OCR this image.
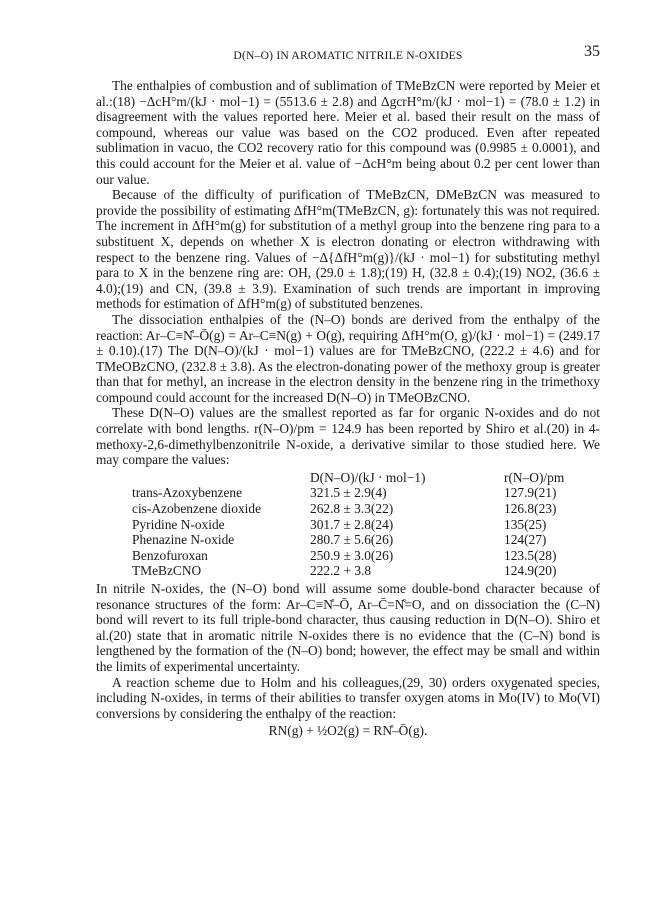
D(N–O) IN AROMATIC NITRILE N-OXIDES	35

The enthalpies of combustion and of sublimation of TMeBzCN were reported by Meier et al.:(18) −ΔcH°m/(kJ · mol−1) = (5513.6 ± 2.8) and ΔgcrH°m/(kJ · mol−1) = (78.0 ± 1.2) in disagreement with the values reported here. Meier et al. based their result on the mass of compound, whereas our value was based on the CO2 produced. Even after repeated sublimation in vacuo, the CO2 recovery ratio for this compound was (0.9985 ± 0.0001), and this could account for the Meier et al. value of −ΔcH°m being about 0.2 per cent lower than our value.

Because of the difficulty of purification of TMeBzCN, DMeBzCN was measured to provide the possibility of estimating ΔfH°m(TMeBzCN, g): fortunately this was not required. The increment in ΔfH°m(g) for substitution of a methyl group into the benzene ring para to a substituent X, depends on whether X is electron donating or electron withdrawing with respect to the benzene ring. Values of −Δ{ΔfH°m(g)}/(kJ · mol−1) for substituting methyl para to X in the benzene ring are: OH, (29.0 ± 1.8);(19) H, (32.8 ± 0.4);(19) NO2, (36.6 ± 4.0);(19) and CN, (39.8 ± 3.9). Examination of such trends are important in improving methods for estimation of ΔfH°m(g) of substituted benzenes.

The dissociation enthalpies of the (N–O) bonds are derived from the enthalpy of the reaction: Ar–C≡N̊–Ō(g) = Ar–C≡N(g) + O(g), requiring ΔfH°m(O, g)/(kJ · mol−1) = (249.17 ± 0.10).(17) The D(N–O)/(kJ · mol−1) values are for TMeBzCNO, (222.2 ± 4.6) and for TMeOBzCNO, (232.8 ± 3.8). As the electron-donating power of the methoxy group is greater than that for methyl, an increase in the electron density in the benzene ring in the trimethoxy compound could account for the increased D(N–O) in TMeOBzCNO.

These D(N–O) values are the smallest reported as far for organic N-oxides and do not correlate with bond lengths. r(N–O)/pm = 124.9 has been reported by Shiro et al.(20) in 4-methoxy-2,6-dimethylbenzonitrile N-oxide, a derivative similar to those studied here. We may compare the values:

	D(N–O)/(kJ · mol−1)	r(N–O)/pm
trans-Azoxybenzene	321.5 ± 2.9(4)	127.9(21)
cis-Azobenzene dioxide	262.8 ± 3.3(22)	126.8(23)
Pyridine N-oxide	301.7 ± 2.8(24)	135(25)
Phenazine N-oxide	280.7 ± 5.6(26)	124(27)
Benzofuroxan	250.9 ± 3.0(26)	123.5(28)
TMeBzCNO	222.2 + 3.8	124.9(20)

In nitrile N-oxides, the (N–O) bond will assume some double-bond character because of resonance structures of the form: Ar–C≡N̊–Ō, Ar–C̄=N̊=O, and on dissociation the (C–N) bond will revert to its full triple-bond character, thus causing reduction in D(N–O). Shiro et al.(20) state that in aromatic nitrile N-oxides there is no evidence that the (C–N) bond is lengthened by the formation of the (N–O) bond; however, the effect may be small and within the limits of experimental uncertainty.

A reaction scheme due to Holm and his colleagues,(29, 30) orders oxygenated species, including N-oxides, in terms of their abilities to transfer oxygen atoms in Mo(IV) to Mo(VI) conversions by considering the enthalpy of the reaction:

RN(g) + ½O2(g) = RN̊–Ō(g).
